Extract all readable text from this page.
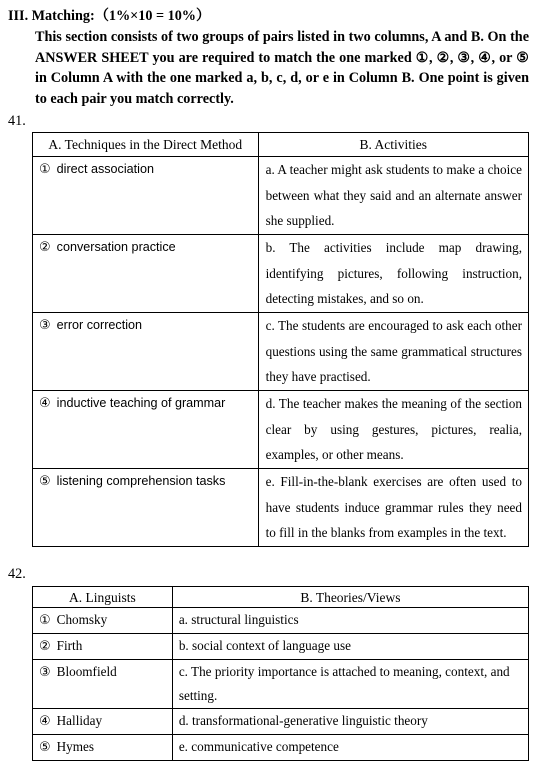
III. Matching:（1%×10 = 10%）
This section consists of two groups of pairs listed in two columns, A and B. On the ANSWER SHEET you are required to match the one marked ①, ②, ③, ④, or ⑤ in Column A with the one marked a, b, c, d, or e in Column B. One point is given to each pair you match correctly.
41.
A. Techniques in the Direct Method	B. Activities
① direct association	a. A teacher might ask students to make a choice between what they said and an alternate answer she supplied.
② conversation practice	b. The activities include map drawing, identifying pictures, following instruction, detecting mistakes, and so on.
③ error correction	c. The students are encouraged to ask each other questions using the same grammatical structures they have practised.
④ inductive teaching of grammar	d. The teacher makes the meaning of the section clear by using gestures, pictures, realia, examples, or other means.
⑤ listening comprehension tasks	e. Fill-in-the-blank exercises are often used to have students induce grammar rules they need to fill in the blanks from examples in the text.
42.
A. Linguists	B. Theories/Views
① Chomsky	a. structural linguistics
② Firth	b. social context of language use
③ Bloomfield	c. The priority importance is attached to meaning, context, and setting.
④ Halliday	d. transformational-generative linguistic theory
⑤ Hymes	e. communicative competence
